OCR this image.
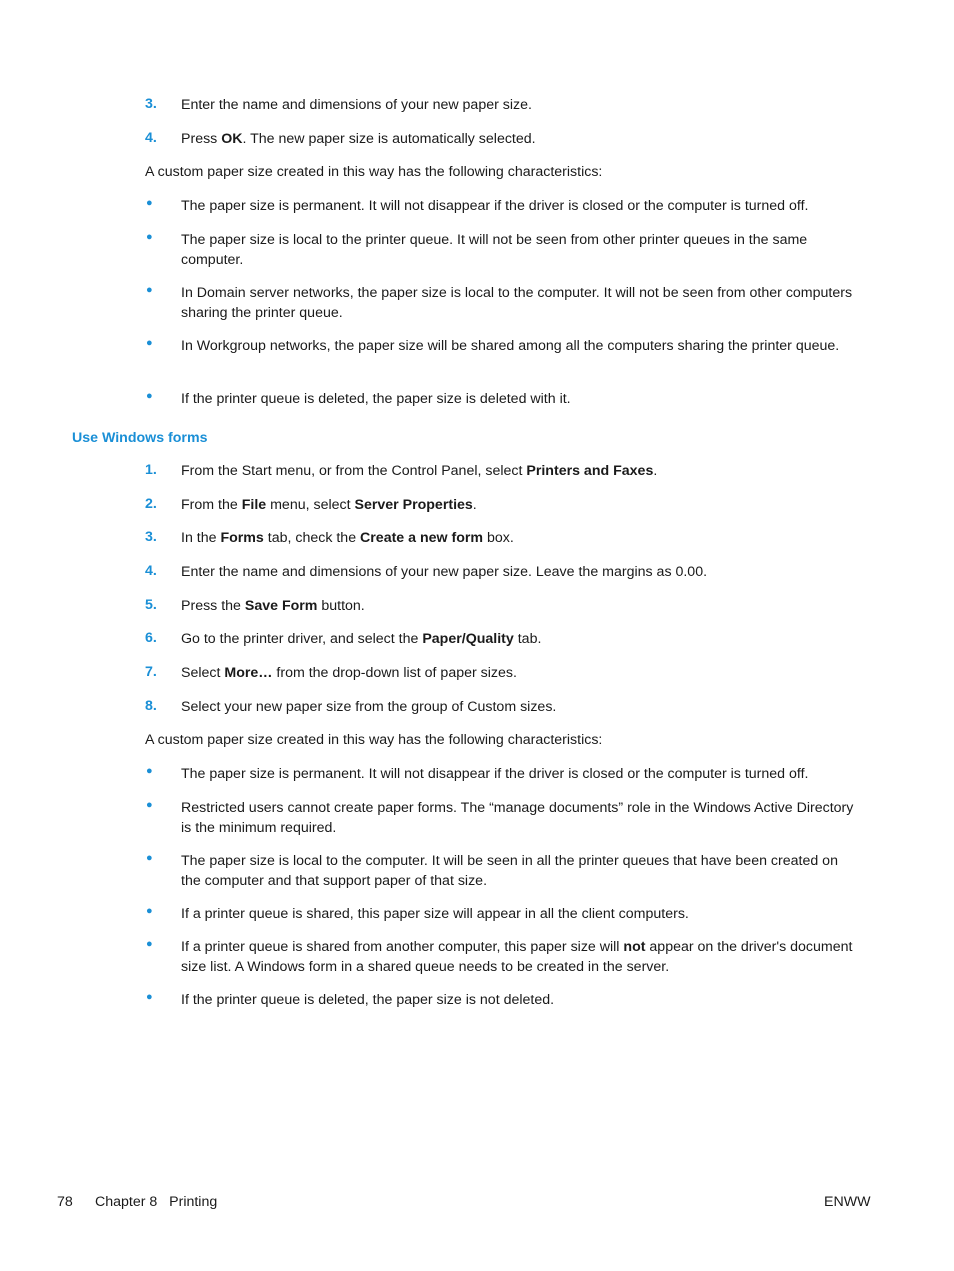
3. Enter the name and dimensions of your new paper size.
4. Press OK. The new paper size is automatically selected.
A custom paper size created in this way has the following characteristics:
● The paper size is permanent. It will not disappear if the driver is closed or the computer is turned off.
● The paper size is local to the printer queue. It will not be seen from other printer queues in the same computer.
● In Domain server networks, the paper size is local to the computer. It will not be seen from other computers sharing the printer queue.
● In Workgroup networks, the paper size will be shared among all the computers sharing the printer queue.
● If the printer queue is deleted, the paper size is deleted with it.
Use Windows forms
1. From the Start menu, or from the Control Panel, select Printers and Faxes.
2. From the File menu, select Server Properties.
3. In the Forms tab, check the Create a new form box.
4. Enter the name and dimensions of your new paper size. Leave the margins as 0.00.
5. Press the Save Form button.
6. Go to the printer driver, and select the Paper/Quality tab.
7. Select More… from the drop-down list of paper sizes.
8. Select your new paper size from the group of Custom sizes.
A custom paper size created in this way has the following characteristics:
● The paper size is permanent. It will not disappear if the driver is closed or the computer is turned off.
● Restricted users cannot create paper forms. The “manage documents” role in the Windows Active Directory is the minimum required.
● The paper size is local to the computer. It will be seen in all the printer queues that have been created on the computer and that support paper of that size.
● If a printer queue is shared, this paper size will appear in all the client computers.
● If a printer queue is shared from another computer, this paper size will not appear on the driver's document size list. A Windows form in a shared queue needs to be created in the server.
● If the printer queue is deleted, the paper size is not deleted.
78 Chapter 8   Printing	ENWW
